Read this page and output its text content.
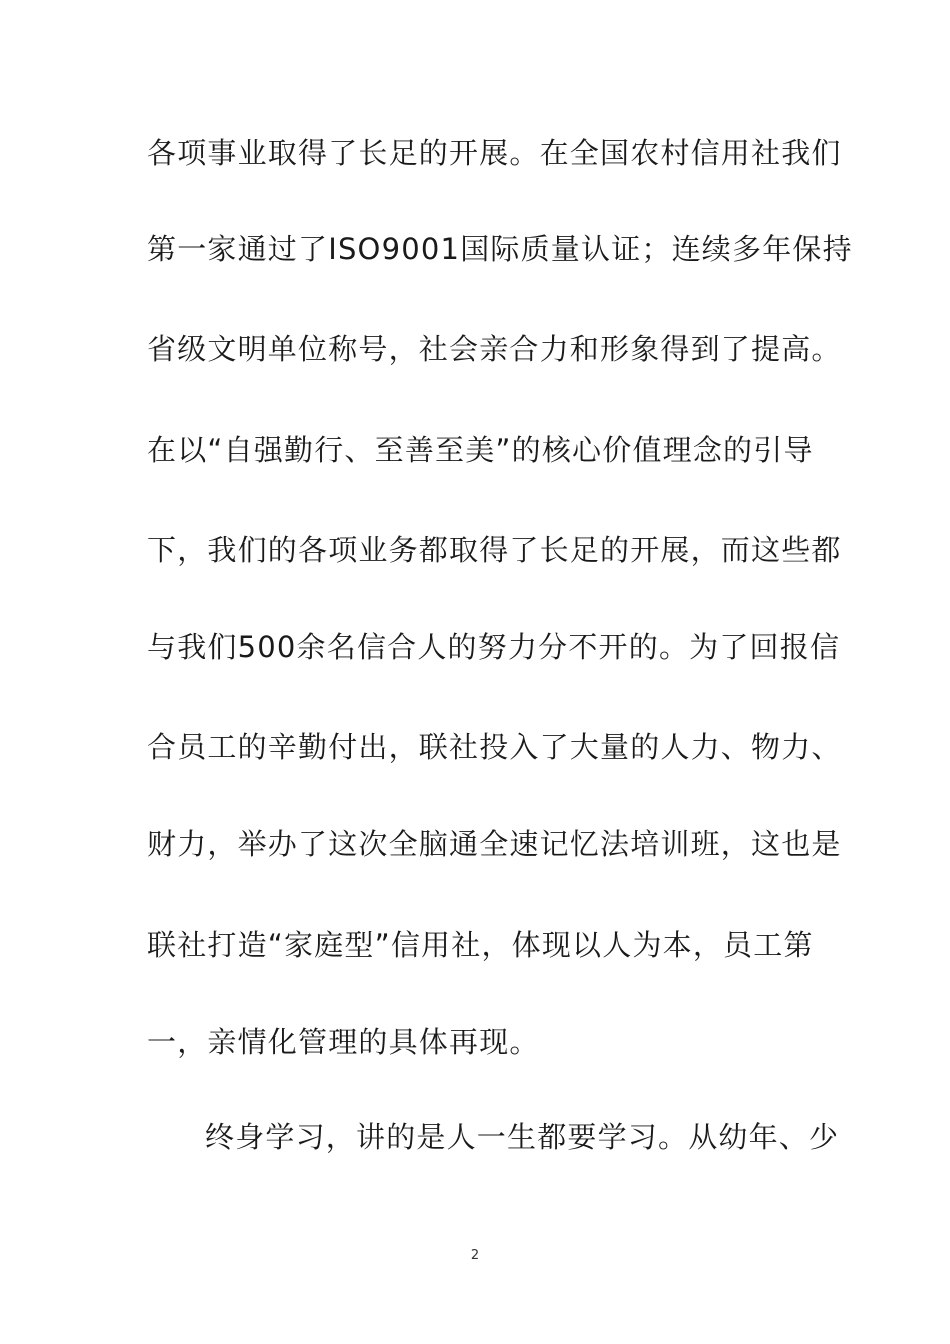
各项事业取得了长足的开展。在全国农村信用社我们
第一家通过了ISO9001国际质量认证；连续多年保持
省级文明单位称号，社会亲合力和形象得到了提高。
在以“自强勤行、至善至美”的核心价值理念的引导
下，我们的各项业务都取得了长足的开展，而这些都
与我们500余名信合人的努力分不开的。为了回报信
合员工的辛勤付出，联社投入了大量的人力、物力、
财力，举办了这次全脑通全速记忆法培训班，这也是
联社打造“家庭型”信用社，体现以人为本，员工第
一，亲情化管理的具体再现。
终身学习，讲的是人一生都要学习。从幼年、少
2
